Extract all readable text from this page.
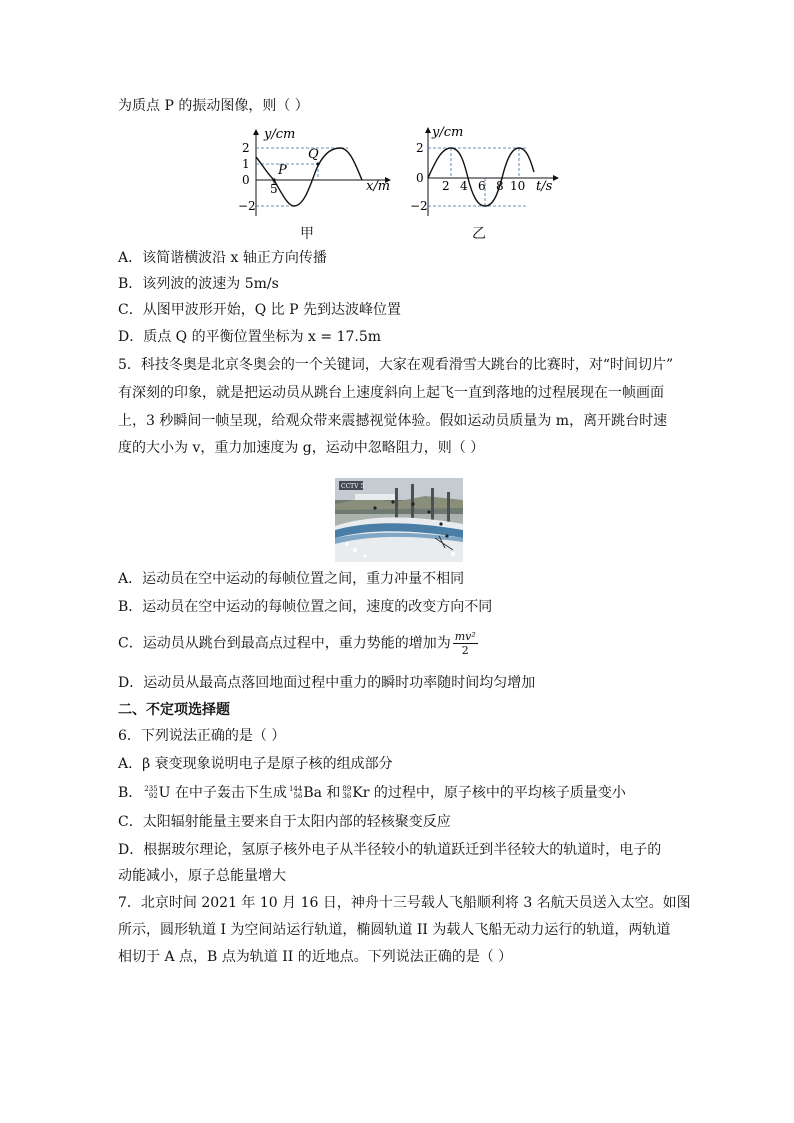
为质点 P 的振动图像，则（ ）
y/cm
2
1
0
−2
5
P
Q
x/m
甲
y/cm
2
0
−2
2 4 6 8 10 t/s
乙
A．该简谐横波沿 x 轴正方向传播
B．该列波的波速为 5m/s
C．从图甲波形开始，Q 比 P 先到达波峰位置
D．质点 Q 的平衡位置坐标为 x = 17.5m
5．科技冬奥是北京冬奥会的一个关键词，大家在观看滑雪大跳台的比赛时，对“时间切片”
有深刻的印象，就是把运动员从跳台上速度斜向上起飞一直到落地的过程展现在一帧画面
上，3 秒瞬间一帧呈现，给观众带来震撼视觉体验。假如运动员质量为 m，离开跳台时速
度的大小为 v，重力加速度为 g，运动中忽略阻力，则（ ）
CCTV 5
A．运动员在空中运动的每帧位置之间，重力冲量不相同
B．运动员在空中运动的每帧位置之间，速度的改变方向不同
C．运动员从跳台到最高点过程中，重力势能的增加为 $\frac{\text{mv²}}{2}$
D．运动员从最高点落回地面过程中重力的瞬时功率随时间均匀增加
二、不定项选择题
6．下列说法正确的是（ ）
A．β 衰变现象说明电子是原子核的组成部分
B． 235
92 U 在中子轰击下生成 144
56 Ba 和 89
36 Kr 的过程中，原子核中的平均核子质量变小
C．太阳辐射能量主要来自于太阳内部的轻核聚变反应
D．根据玻尔理论，氢原子核外电子从半径较小的轨道跃迁到半径较大的轨道时，电子的
动能减小，原子总能量增大
7．北京时间 2021 年 10 月 16 日，神舟十三号载人飞船顺利将 3 名航天员送入太空。如图
所示，圆形轨道 I 为空间站运行轨道，椭圆轨道 II 为载人飞船无动力运行的轨道，两轨道
相切于 A 点，B 点为轨道 II 的近地点。下列说法正确的是（ ）
